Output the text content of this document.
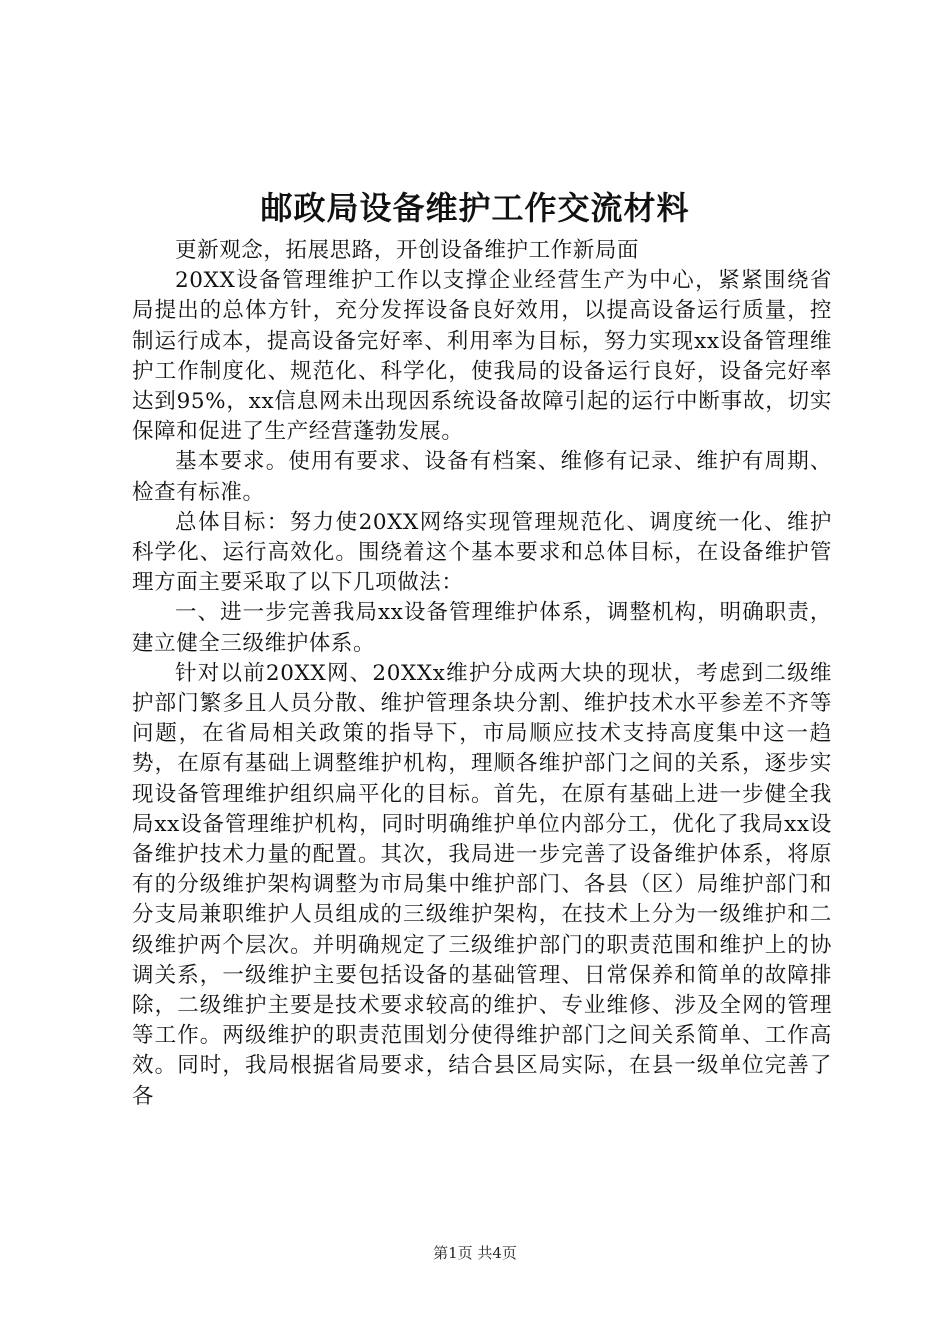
邮政局设备维护工作交流材料

更新观念，拓展思路，开创设备维护工作新局面

20XX设备管理维护工作以支撑企业经营生产为中心，紧紧围绕省局提出的总体方针，充分发挥设备良好效用，以提高设备运行质量，控制运行成本，提高设备完好率、利用率为目标，努力实现xx设备管理维护工作制度化、规范化、科学化，使我局的设备运行良好，设备完好率达到95%，xx信息网未出现因系统设备故障引起的运行中断事故，切实保障和促进了生产经营蓬勃发展。

基本要求。使用有要求、设备有档案、维修有记录、维护有周期、检查有标准。

总体目标：努力使20XX网络实现管理规范化、调度统一化、维护科学化、运行高效化。围绕着这个基本要求和总体目标，在设备维护管理方面主要采取了以下几项做法：

一、进一步完善我局xx设备管理维护体系，调整机构，明确职责，建立健全三级维护体系。

针对以前20XX网、20XXx维护分成两大块的现状，考虑到二级维护部门繁多且人员分散、维护管理条块分割、维护技术水平参差不齐等问题，在省局相关政策的指导下，市局顺应技术支持高度集中这一趋势，在原有基础上调整维护机构，理顺各维护部门之间的关系，逐步实现设备管理维护组织扁平化的目标。首先，在原有基础上进一步健全我局xx设备管理维护机构，同时明确维护单位内部分工，优化了我局xx设备维护技术力量的配置。其次，我局进一步完善了设备维护体系，将原有的分级维护架构调整为市局集中维护部门、各县（区）局维护部门和分支局兼职维护人员组成的三级维护架构，在技术上分为一级维护和二级维护两个层次。并明确规定了三级维护部门的职责范围和维护上的协调关系，一级维护主要包括设备的基础管理、日常保养和简单的故障排除，二级维护主要是技术要求较高的维护、专业维修、涉及全网的管理等工作。两级维护的职责范围划分使得维护部门之间关系简单、工作高效。同时，我局根据省局要求，结合县区局实际，在县一级单位完善了各

第1页 共4页
